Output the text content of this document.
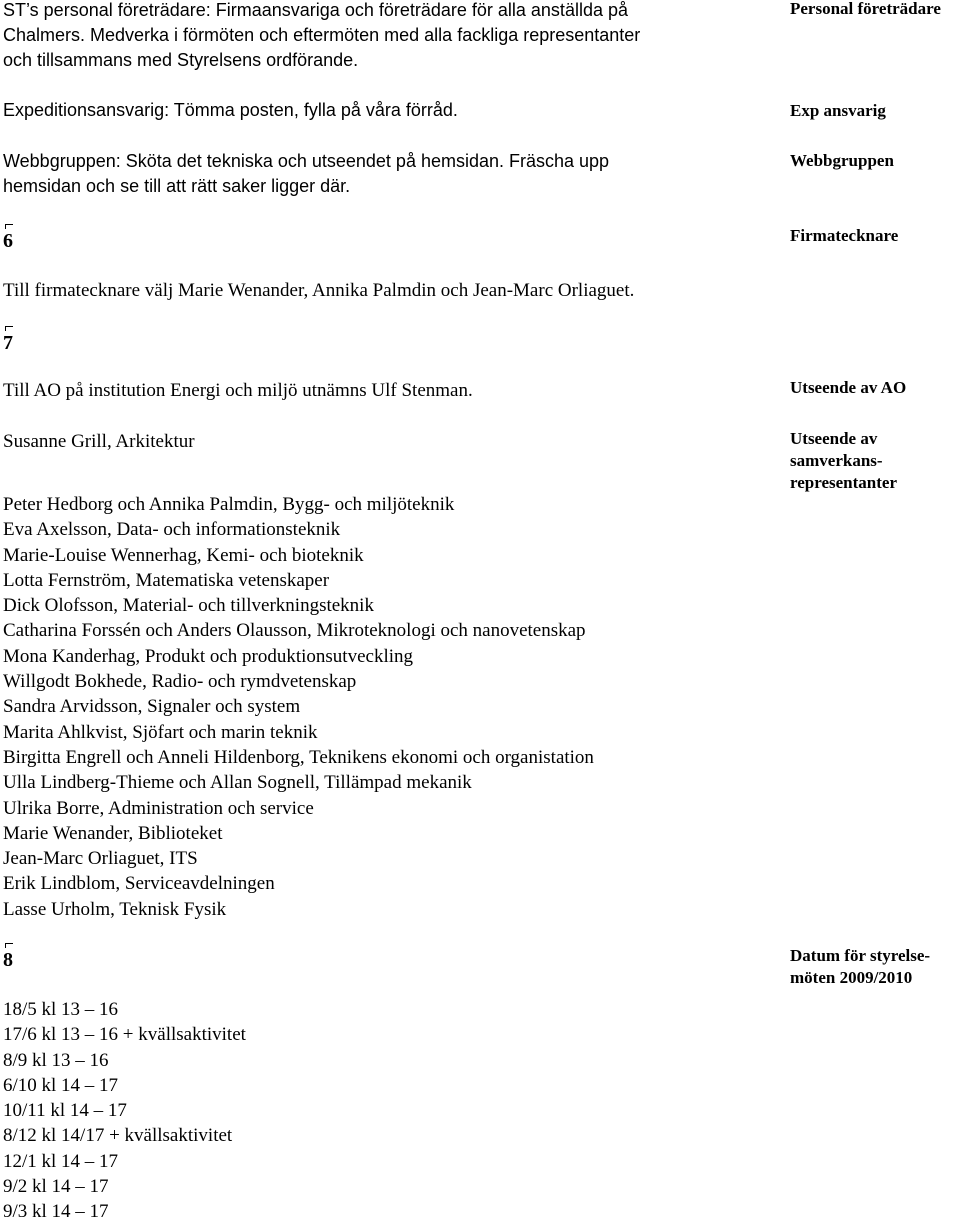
ST’s personal företrädare: Firmaansvariga och företrädare för alla anställda på
Chalmers. Medverka i förmöten och eftermöten med alla fackliga representanter
och tillsammans med Styrelsens ordförande.
Expeditionsansvarig: Tömma posten, fylla på våra förråd.
Webbgruppen: Sköta det tekniska och utseendet på hemsidan. Fräscha upp
hemsidan och se till att rätt saker ligger där.
6
Till firmatecknare välj Marie Wenander, Annika Palmdin och Jean-Marc Orliaguet.
7
Till AO på institution Energi och miljö utnämns Ulf Stenman.
Susanne Grill, Arkitektur
Peter Hedborg och Annika Palmdin, Bygg- och miljöteknik
Eva Axelsson, Data- och informationsteknik
Marie-Louise Wennerhag, Kemi- och bioteknik
Lotta Fernström, Matematiska vetenskaper
Dick Olofsson, Material- och tillverkningsteknik
Catharina Forssén och Anders Olausson, Mikroteknologi och nanovetenskap
Mona Kanderhag, Produkt och produktionsutveckling
Willgodt Bokhede, Radio- och rymdvetenskap
Sandra Arvidsson, Signaler och system
Marita Ahlkvist, Sjöfart och marin teknik
Birgitta Engrell och Anneli Hildenborg, Teknikens ekonomi och organistation
Ulla Lindberg-Thieme och Allan Sognell, Tillämpad mekanik
Ulrika Borre, Administration och service
Marie Wenander, Biblioteket
Jean-Marc Orliaguet, ITS
Erik Lindblom, Serviceavdelningen
Lasse Urholm, Teknisk Fysik
8
18/5 kl 13 – 16
17/6 kl 13 – 16 + kvällsaktivitet
8/9 kl 13 – 16
6/10 kl 14 – 17
10/11 kl 14 – 17
8/12 kl 14/17 + kvällsaktivitet
12/1 kl 14 – 17
9/2 kl 14 – 17
9/3 kl 14 – 17
Personal företrädare
Exp ansvarig
Webbgruppen
Firmatecknare
Utseende av AO
Utseende av
samverkans-
representanter
Datum för styrelse-
möten 2009/2010
